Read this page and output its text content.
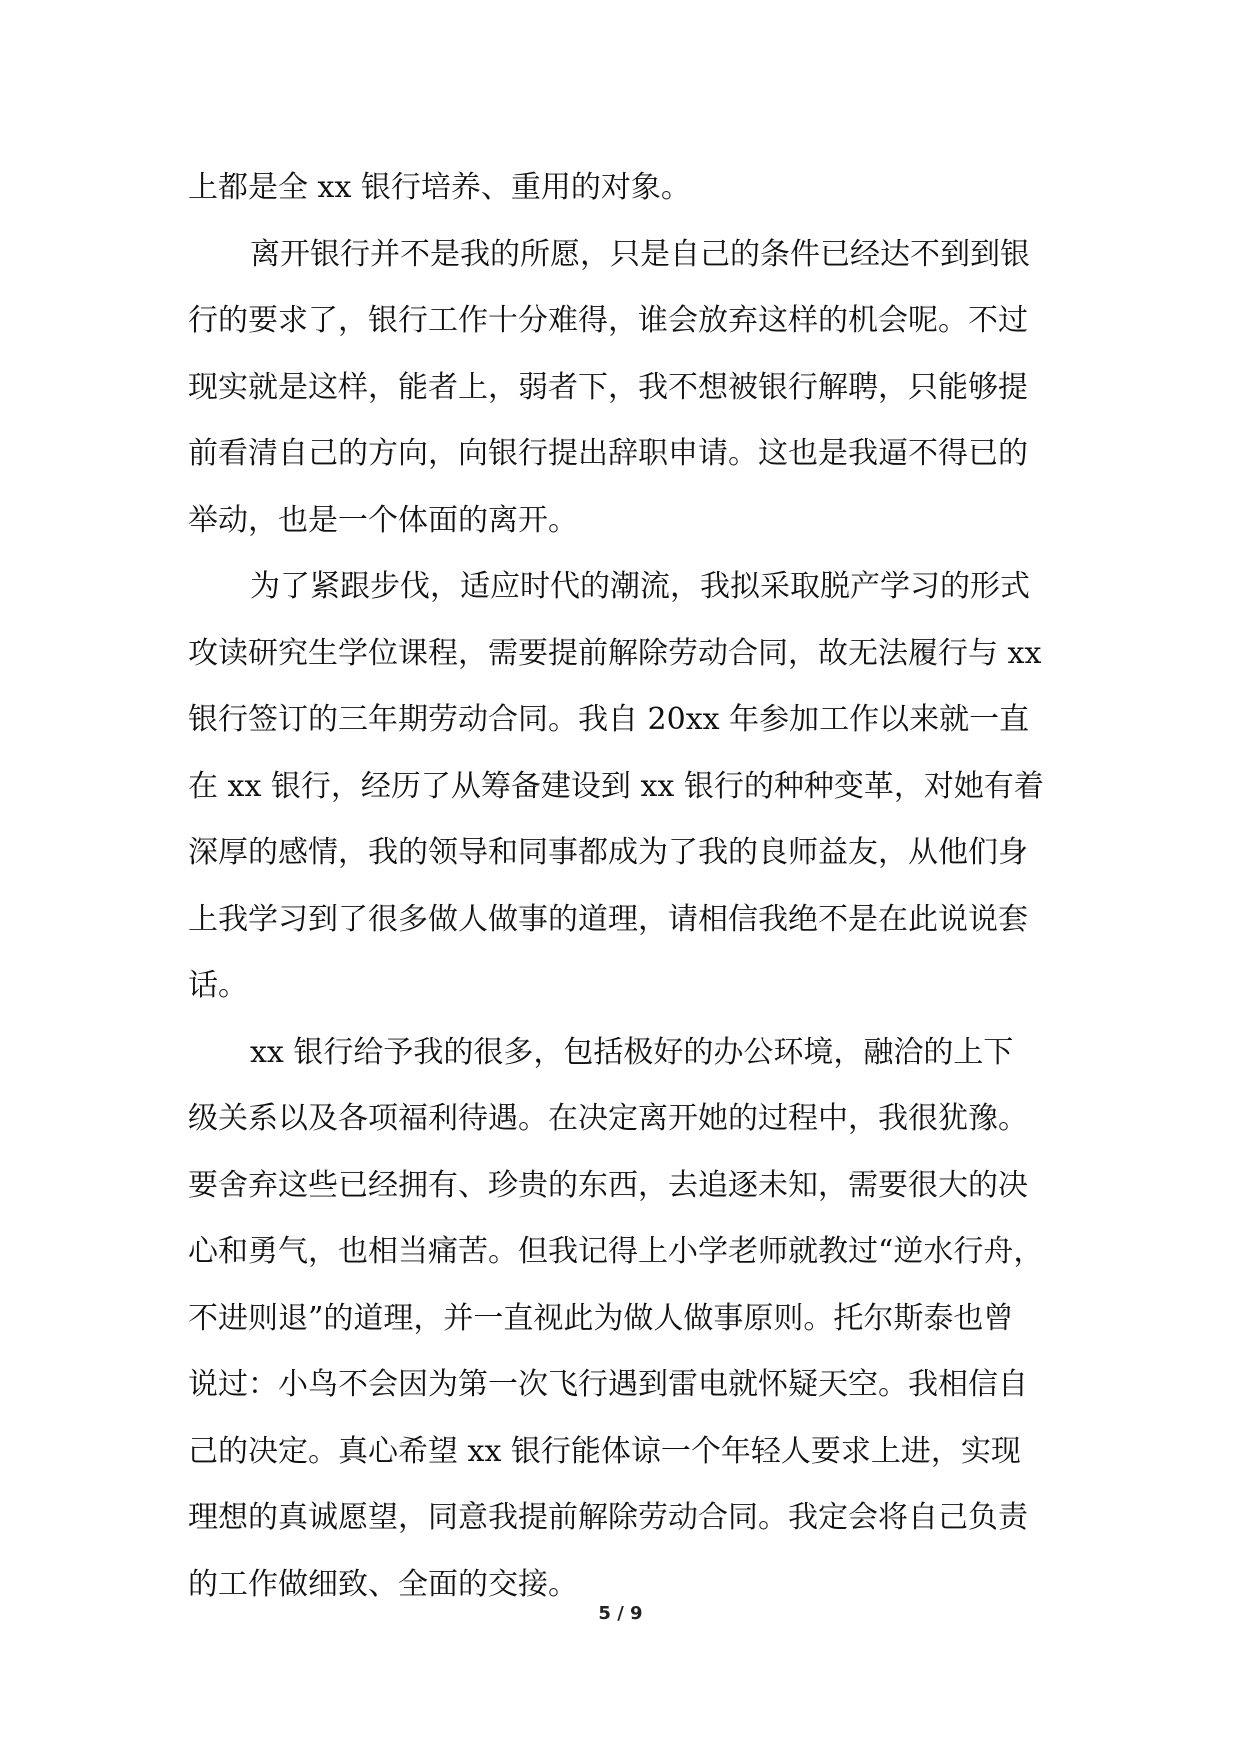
上都是全 xx 银行培养、重用的对象。
离开银行并不是我的所愿，只是自己的条件已经达不到到银
行的要求了，银行工作十分难得，谁会放弃这样的机会呢。不过
现实就是这样，能者上，弱者下，我不想被银行解聘，只能够提
前看清自己的方向，向银行提出辞职申请。这也是我逼不得已的
举动，也是一个体面的离开。
为了紧跟步伐，适应时代的潮流，我拟采取脱产学习的形式
攻读研究生学位课程，需要提前解除劳动合同，故无法履行与 xx
银行签订的三年期劳动合同。我自 20xx 年参加工作以来就一直
在 xx 银行，经历了从筹备建设到 xx 银行的种种变革，对她有着
深厚的感情，我的领导和同事都成为了我的良师益友，从他们身
上我学习到了很多做人做事的道理，请相信我绝不是在此说说套
话。
xx 银行给予我的很多，包括极好的办公环境，融洽的上下
级关系以及各项福利待遇。在决定离开她的过程中，我很犹豫。
要舍弃这些已经拥有、珍贵的东西，去追逐未知，需要很大的决
心和勇气，也相当痛苦。但我记得上小学老师就教过“逆水行舟，
不进则退”的道理，并一直视此为做人做事原则。托尔斯泰也曾
说过：小鸟不会因为第一次飞行遇到雷电就怀疑天空。我相信自
己的决定。真心希望 xx 银行能体谅一个年轻人要求上进，实现
理想的真诚愿望，同意我提前解除劳动合同。我定会将自己负责
的工作做细致、全面的交接。
5 / 9
